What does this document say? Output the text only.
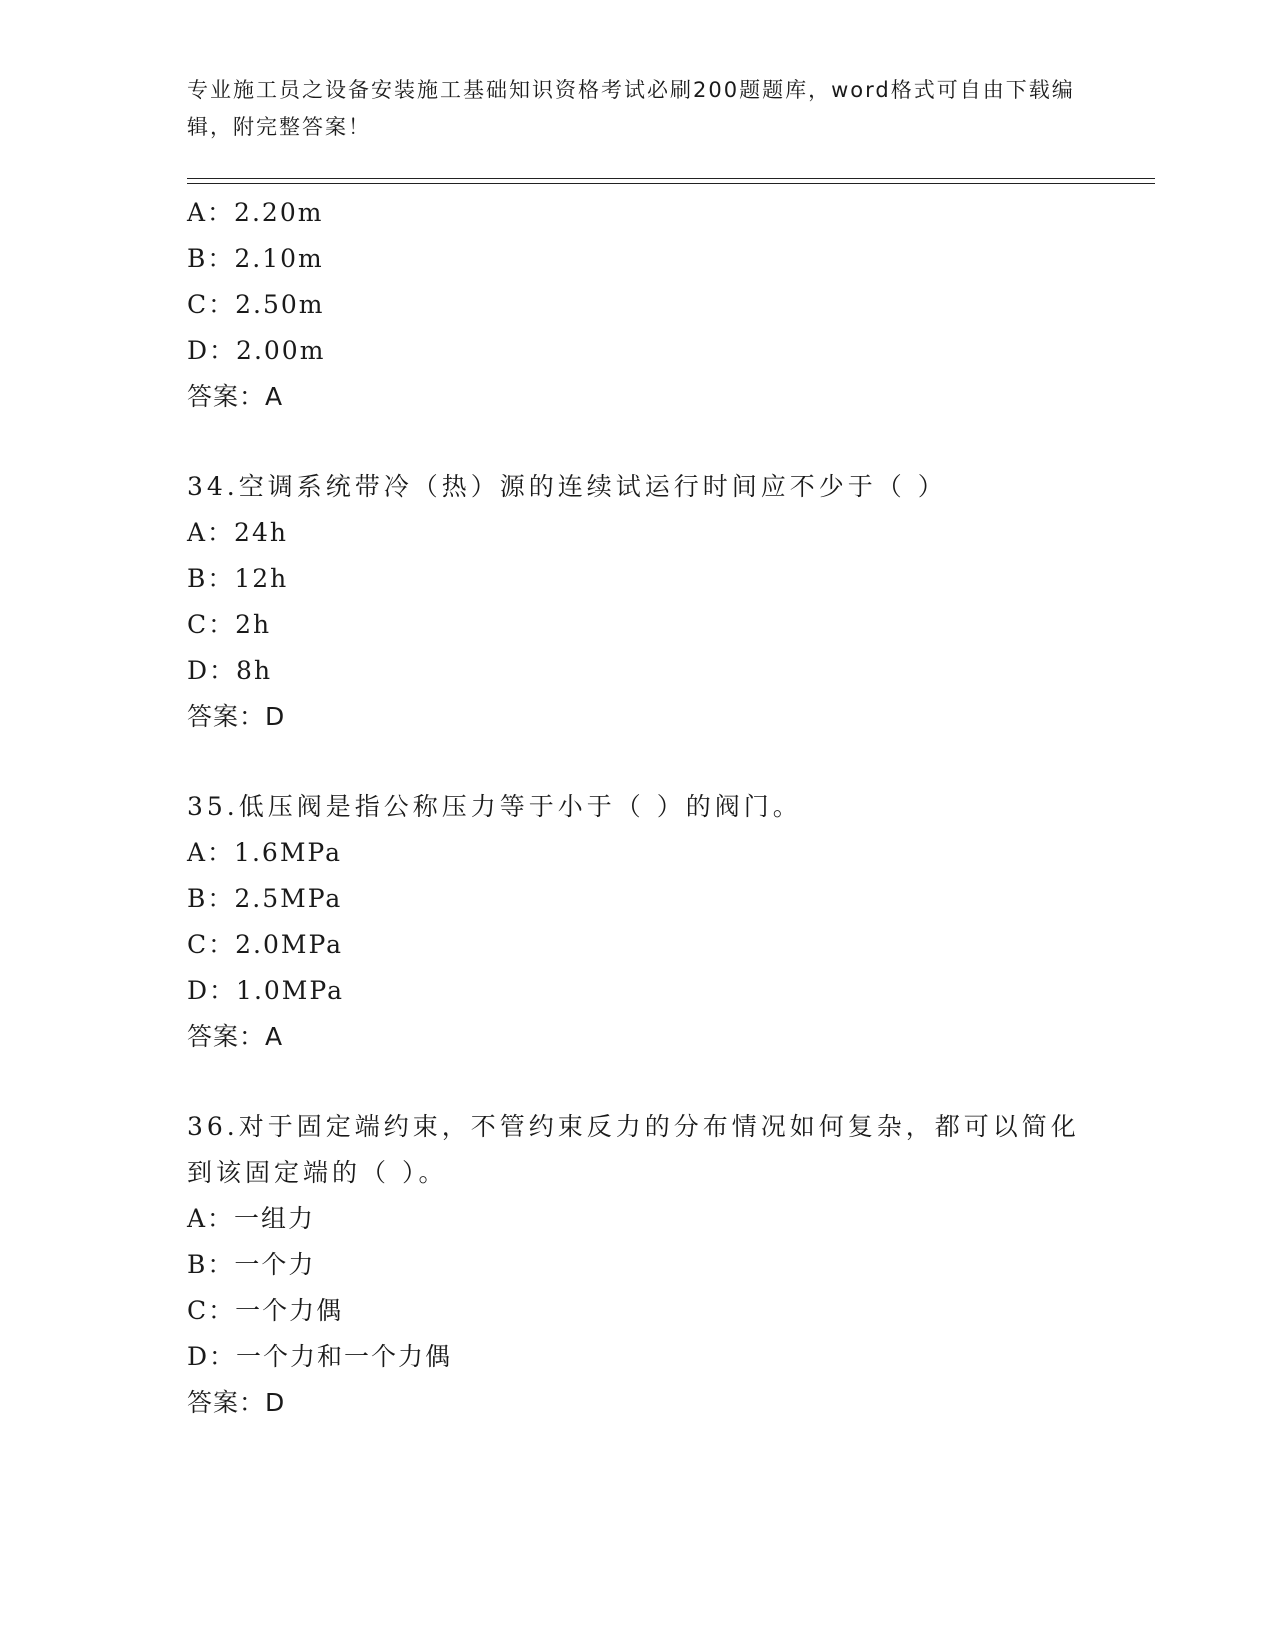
专业施工员之设备安装施工基础知识资格考试必刷200题题库，word格式可自由下载编辑，附完整答案！
A：2.20m
B：2.10m
C：2.50m
D：2.00m
答案：A
34.空调系统带冷（热）源的连续试运行时间应不少于（ ）
A：24h
B：12h
C：2h
D：8h
答案：D
35.低压阀是指公称压力等于小于（ ）的阀门。
A：1.6MPa
B：2.5MPa
C：2.0MPa
D：1.0MPa
答案：A
36.对于固定端约束，不管约束反力的分布情况如何复杂，都可以简化到该固定端的（ ）。
A：一组力
B：一个力
C：一个力偶
D：一个力和一个力偶
答案：D
